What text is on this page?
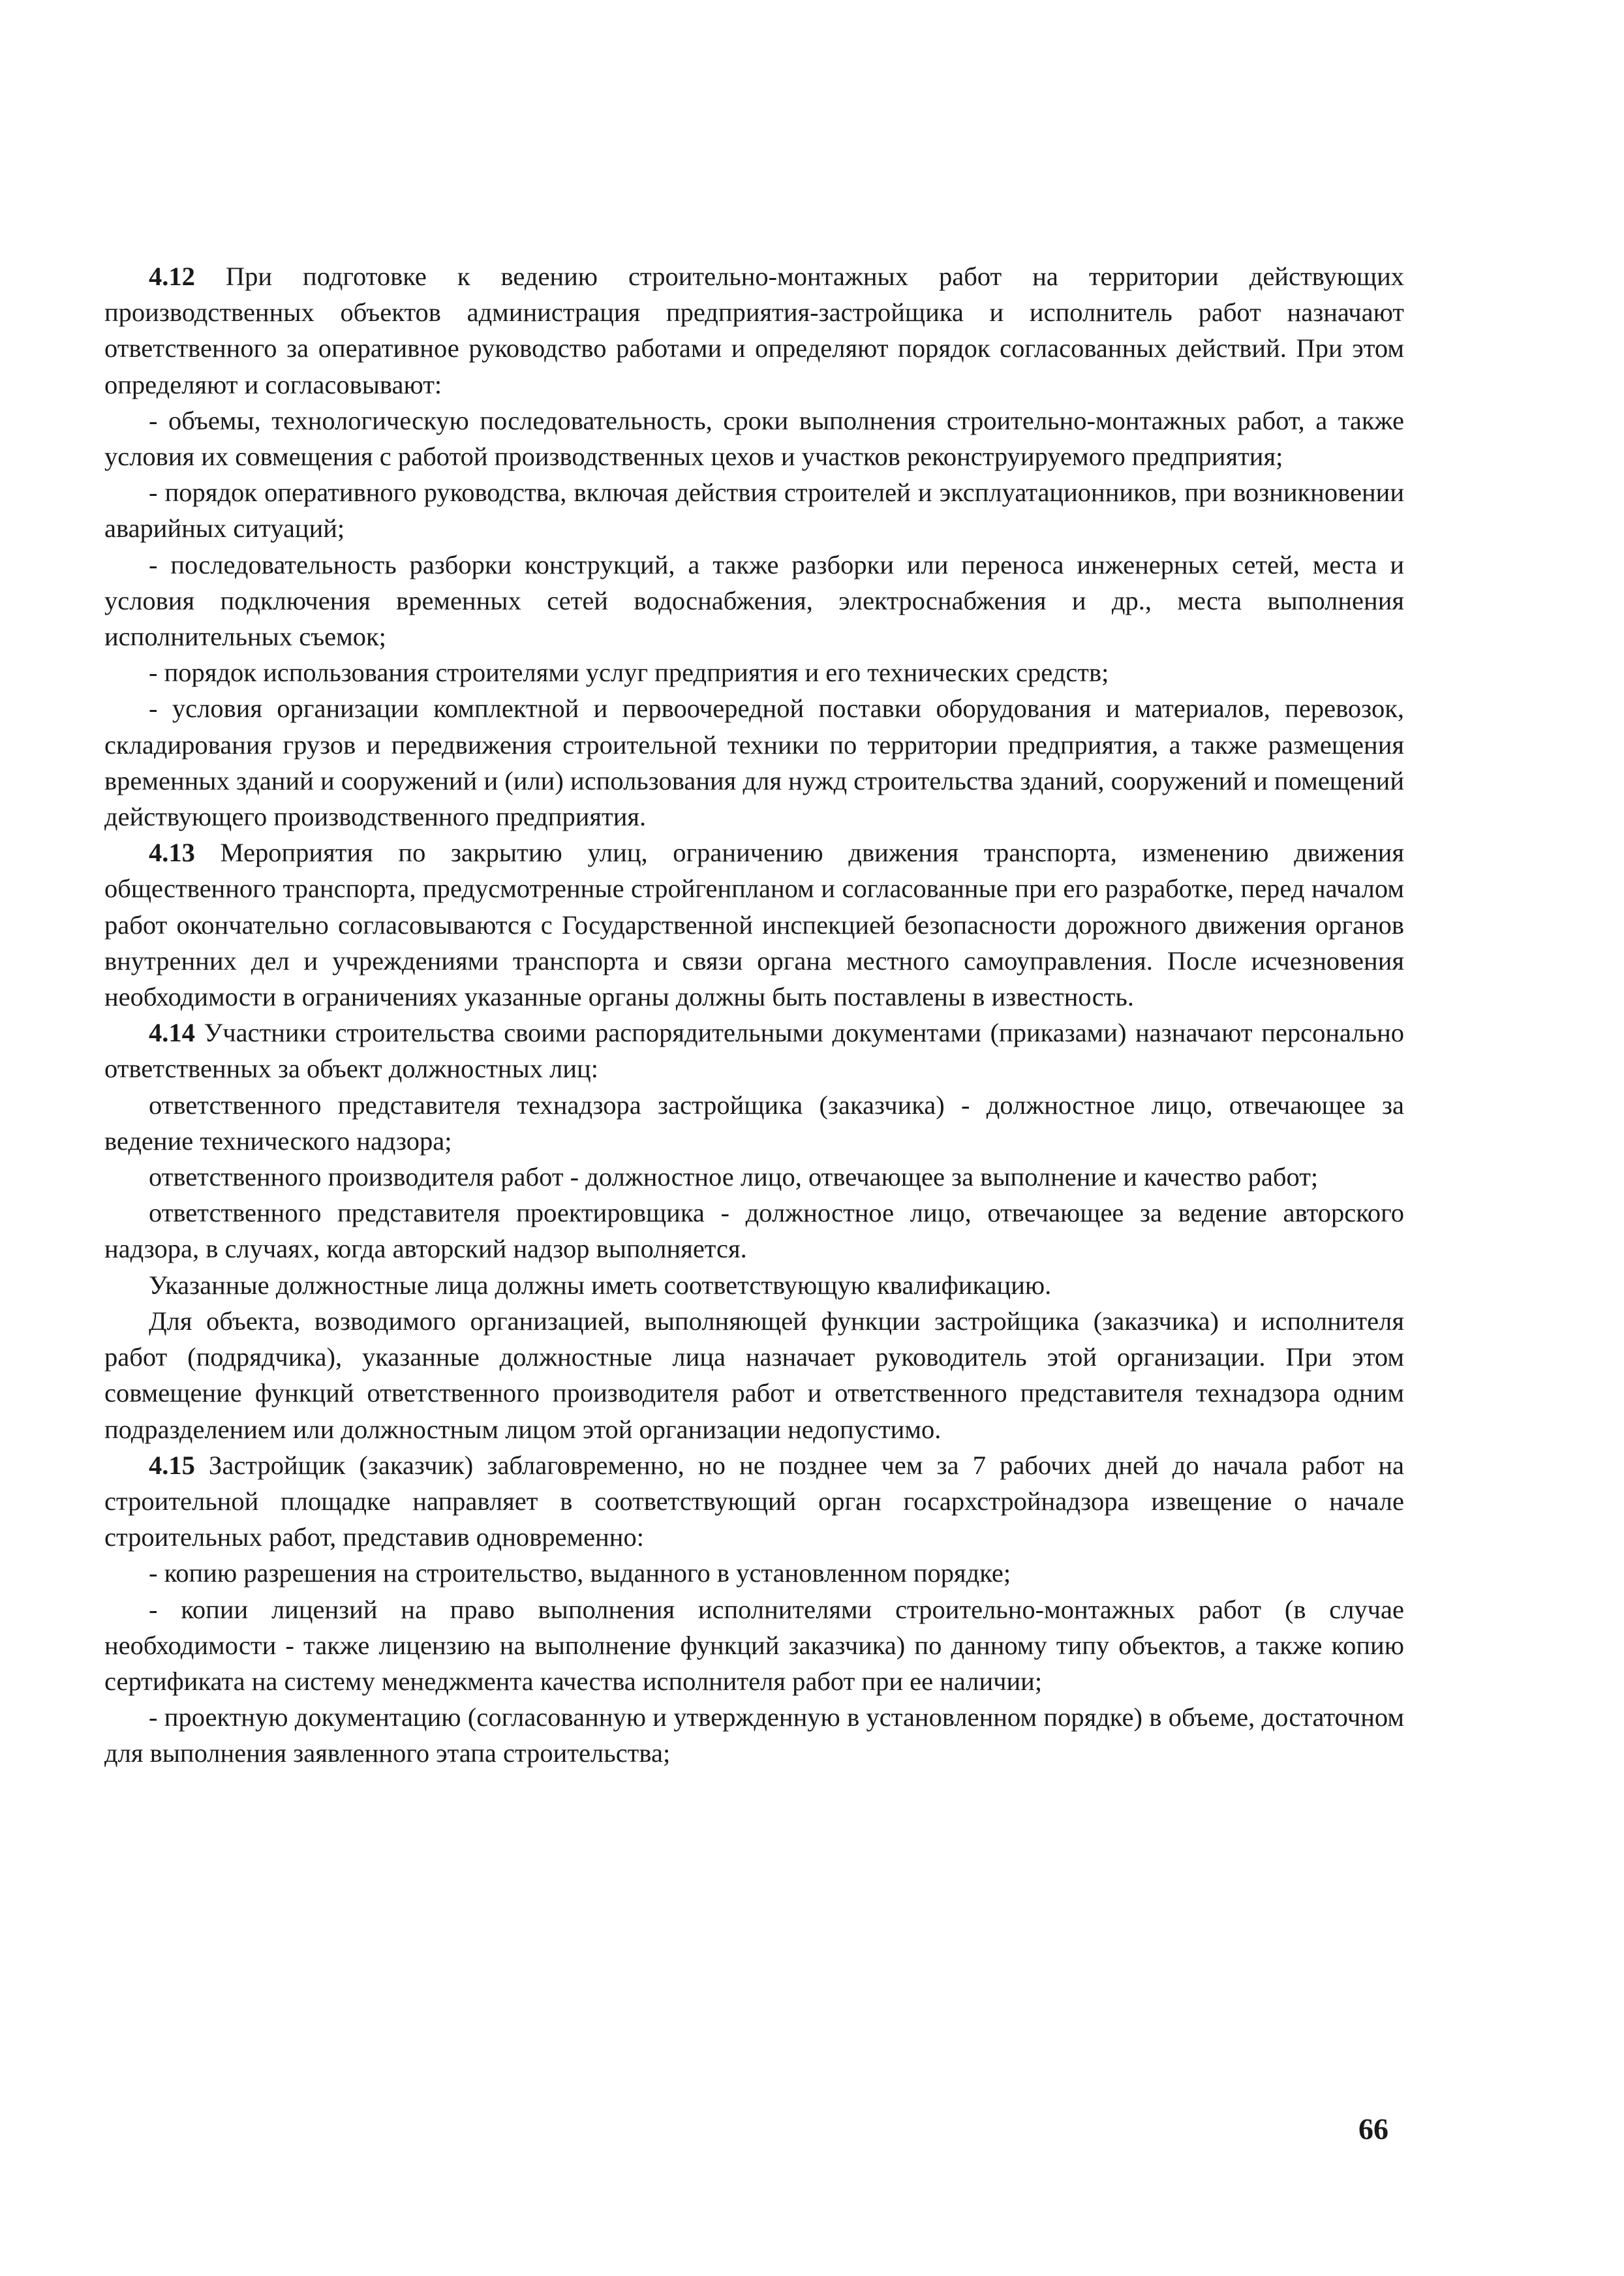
4.12 При подготовке к ведению строительно-монтажных работ на территории действующих производственных объектов администрация предприятия-застройщика и исполнитель работ назначают ответственного за оперативное руководство работами и определяют порядок согласованных действий. При этом определяют и согласовывают:

- объемы, технологическую последовательность, сроки выполнения строительно-монтажных работ, а также условия их совмещения с работой производственных цехов и участков реконструируемого предприятия;

- порядок оперативного руководства, включая действия строителей и эксплуатационников, при возникновении аварийных ситуаций;

- последовательность разборки конструкций, а также разборки или переноса инженерных сетей, места и условия подключения временных сетей водоснабжения, электроснабжения и др., места выполнения исполнительных съемок;

- порядок использования строителями услуг предприятия и его технических средств;

- условия организации комплектной и первоочередной поставки оборудования и материалов, перевозок, складирования грузов и передвижения строительной техники по территории предприятия, а также размещения временных зданий и сооружений и (или) использования для нужд строительства зданий, сооружений и помещений действующего производственного предприятия.

4.13 Мероприятия по закрытию улиц, ограничению движения транспорта, изменению движения общественного транспорта, предусмотренные стройгенпланом и согласованные при его разработке, перед началом работ окончательно согласовываются с Государственной инспекцией безопасности дорожного движения органов внутренних дел и учреждениями транспорта и связи органа местного самоуправления. После исчезновения необходимости в ограничениях указанные органы должны быть поставлены в известность.

4.14 Участники строительства своими распорядительными документами (приказами) назначают персонально ответственных за объект должностных лиц:

ответственного представителя технадзора застройщика (заказчика) - должностное лицо, отвечающее за ведение технического надзора;

ответственного производителя работ - должностное лицо, отвечающее за выполнение и качество работ;

ответственного представителя проектировщика - должностное лицо, отвечающее за ведение авторского надзора, в случаях, когда авторский надзор выполняется.

Указанные должностные лица должны иметь соответствующую квалификацию.

Для объекта, возводимого организацией, выполняющей функции застройщика (заказчика) и исполнителя работ (подрядчика), указанные должностные лица назначает руководитель этой организации. При этом совмещение функций ответственного производителя работ и ответственного представителя технадзора одним подразделением или должностным лицом этой организации недопустимо.

4.15 Застройщик (заказчик) заблаговременно, но не позднее чем за 7 рабочих дней до начала работ на строительной площадке направляет в соответствующий орган госархстройнадзора извещение о начале строительных работ, представив одновременно:

- копию разрешения на строительство, выданного в установленном порядке;

- копии лицензий на право выполнения исполнителями строительно-монтажных работ (в случае необходимости - также лицензию на выполнение функций заказчика) по данному типу объектов, а также копию сертификата на систему менеджмента качества исполнителя работ при ее наличии;

- проектную документацию (согласованную и утвержденную в установленном порядке) в объеме, достаточном для выполнения заявленного этапа строительства;

66
